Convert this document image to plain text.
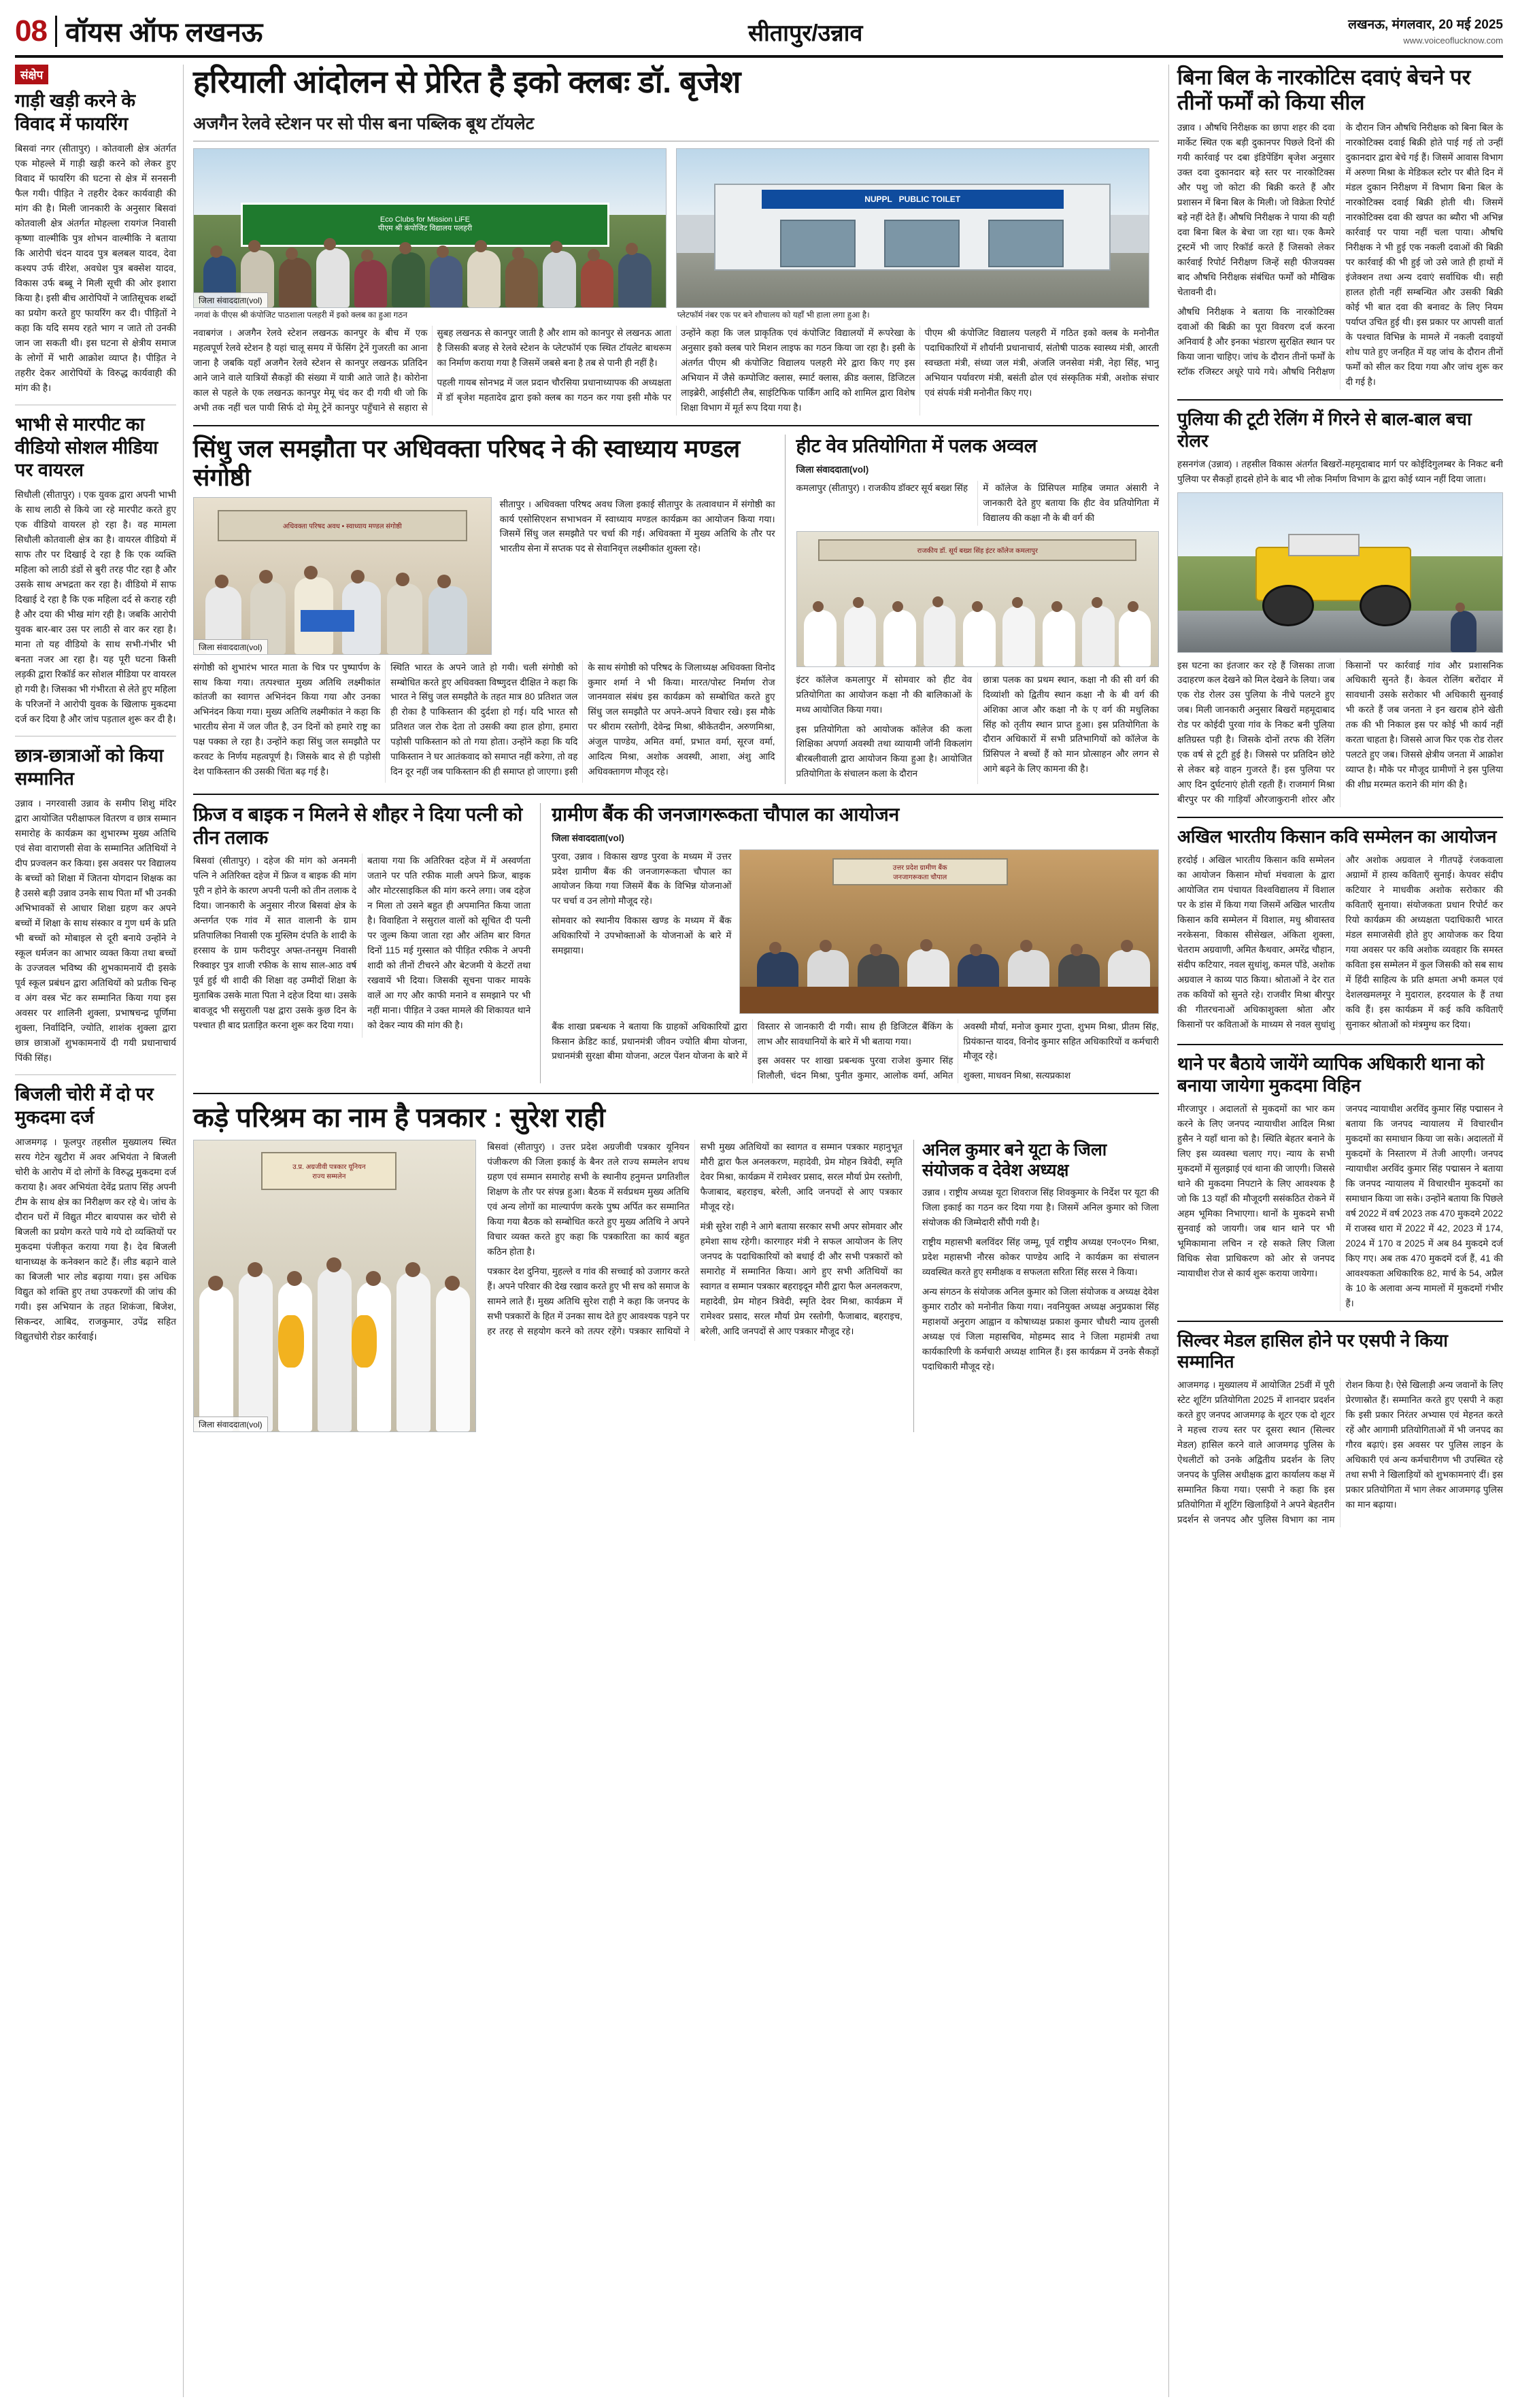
08 वॉयस ऑफ लखनऊ	सीतापुर/उन्नाव	लखनऊ, मंगलवार, 20 मई 2025
www.voiceoflucknow.com
संक्षेप
गाड़ी खड़ी करने के विवाद में फायरिंग
बिसवां नगर (सीतापुर) । कोतवाली क्षेत्र अंतर्गत एक मोहल्ले में गाड़ी खड़ी करने को लेकर हुए विवाद में फायरिंग की घटना से क्षेत्र में सनसनी फैल गयी। पीड़ित ने तहरीर देकर कार्यवाही की मांग की है। मिली जानकारी के अनुसार बिसवां कोतवाली क्षेत्र अंतर्गत मोहल्ला रायगंज निवासी कृष्णा वाल्मीकि पुत्र शोभन वाल्मीकि ने बताया कि आरोपी चंदन यादव पुत्र बलबल यादव, देवा कश्यप उर्फ वीरेश, अवधेश पुत्र बक्सेश यादव, विकास उर्फ बब्बू ने मिली सूची की ओर इशारा किया है। इसी बीच आरोपियों ने जातिसूचक शब्दों का प्रयोग करते हुए फायरिंग कर दी। पीड़ितों ने कहा कि यदि समय रहते भाग न जाते तो उनकी जान जा सकती थी। इस घटना से क्षेत्रीय समाज के लोगों में भारी आक्रोश व्याप्त है। पीड़ित ने तहरीर देकर आरोपियों के विरुद्ध कार्यवाही की मांग की है।
भाभी से मारपीट का वीडियो सोशल मीडिया पर वायरल
सिधौली (सीतापुर) । एक युवक द्वारा अपनी भाभी के साथ लाठी से किये जा रहे मारपीट करते हुए एक वीडियो वायरल हो रहा है। वह मामला सिधौली कोतवाली क्षेत्र का है। वायरल वीडियो में साफ तौर पर दिखाई दे रहा है कि एक व्यक्ति महिला को लाठी डंडों से बुरी तरह पीट रहा है और उसके साथ अभद्रता कर रहा है। वीडियो में साफ दिखाई दे रहा है कि एक महिला दर्द से कराह रही है और दया की भीख मांग रही है। जबकि आरोपी युवक बार-बार उस पर लाठी से वार कर रहा है। माना तो यह वीडियो के साथ सभी-गंभीर भी बनता नजर आ रहा है। यह पूरी घटना किसी लड़की द्वारा रिकॉर्ड कर सोशल मीडिया पर वायरल हो गयी है। जिसका भी गंभीरता से लेते हुए महिला के परिजनों ने आरोपी युवक के खिलाफ मुकदमा दर्ज कर दिया है और जांच पड़ताल शुरू कर दी है।
छात्र-छात्राओं को किया सम्मानित
उन्नाव । नगरवासी उन्नाव के समीप शिशु मंदिर द्वारा आयोजित परीक्षाफल वितरण व छात्र सम्मान समारोह के कार्यक्रम का शुभारम्भ मुख्य अतिथि एवं सेवा वाराणसी सेवा के सम्मानित अतिथियों ने दीप प्रज्वलन कर किया। इस अवसर पर विद्यालय के बच्चों को शिक्षा में जितना योगदान शिक्षक का है उससे बड़ी उन्नाव उनके साथ पिता माँ भी उनकी अभिभावकों से आधार शिक्षा ग्रहण कर अपने बच्चों में शिक्षा के साथ संस्कार व गुण धर्म के प्रति भी बच्चों को मोबाइल से दूरी बनाये उन्होंने ने स्कूल धर्मजन का आभार व्यक्त किया तथा बच्चों के उज्जवल भविष्य की शुभकामनायें दी इसके पूर्व स्कूल प्रबंधन द्वारा अतिथियों को प्रतीक चिन्ह व अंग वस्त्र भेंट कर सम्मानित किया गया इस अवसर पर शालिनी शुक्ला, प्रभाषचन्द्र पूर्णिमा शुक्ला, निर्वादिनि, ज्योति, शाशंक शुक्ला द्वारा छात्र छात्राओं शुभकामनायें दी गयी प्रधानाचार्य पिंकी सिंह।
बिजली चोरी में दो पर मुकदमा दर्ज
आजमगढ़ । फूलपुर तहसील मुख्यालय स्थित सरय गेटेन खुटौरा में अवर अभियंता ने बिजली चोरी के आरोप में दो लोगों के विरुद्ध मुकदमा दर्ज कराया है। अवर अभियंता देवेंद्र प्रताप सिंह अपनी टीम के साथ क्षेत्र का निरीक्षण कर रहे थे। जांच के दौरान घरों में विद्युत मीटर बायपास कर चोरी से बिजली का प्रयोग करते पाये गये दो व्यक्तियों पर मुकदमा पंजीकृत कराया गया है। देव बिजली थानाध्यक्ष के कनेक्शन काटे हैं। लीड बढ़ाने वाले का बिजली भार लोड बढ़ाया गया। इस अधिक विद्युत को शक्ति हुए तथा उपकरणों की जांच की गयी। इस अभियान के तहत शिकंजा, बिजेश, सिकन्दर, आबिद, राजकुमार, उपेंद्र सहित विद्युतचोरी रोडर कार्रवाई।
हरियाली आंदोलन से प्रेरित है इको क्लबः डॉ. बृजेश
अजगैन रेलवे स्टेशन पर सो पीस बना पब्लिक बूथ टॉयलेट
Eco Clubs for Mission LiFE
पीएम श्री कंपोजिट विद्यालय पलहरी
जिला संवाददाता(vol)
नगवां के पीएस श्री कंपोजिट पाठशाला पलहरी में इको क्लब का हुआ गठन
NUPPL   PUBLIC TOILET
प्लेटफॉर्म नंबर एक पर बने शौचालय को यहाँ भी हाला लगा हुआ है।

नवाबगंज । अजगैन रेलवे स्टेशन लखनऊ कानपुर के बीच में एक महत्वपूर्ण रेलवे स्टेशन है यहां चालू समय में फेंसिंग ट्रेनें गुजरती का आना जाना है जबकि यहाँ अजगैन रेलवे स्टेशन से कानपुर लखनऊ प्रतिदिन आने जाने वाले यात्रियों सैकड़ों की संख्या में यात्री आते जाते है। कोरोना काल से पहले के एक लखनऊ कानपुर मेमू चंद कर दी गयी थी जो कि अभी तक नहीं चल पायी सिर्फ दो मेमू ट्रेनें कानपुर पहुँचाने से सहारा से सुबह लखनऊ से कानपुर जाती है और शाम को कानपुर से लखनऊ आता है जिसकी बजह से रेलवे स्टेशन के प्लेटफॉर्म एक स्थित टॉयलेट बाथरूम का निर्माण कराया गया है जिसमें जबसे बना है तब से पानी ही नहीं है।

पहली गायब सोनभद्र में जल प्रदान चौरसिया प्रधानाध्यापक की अध्यक्षता में डॉ बृजेश महतादेव द्वारा इको क्लब का गठन कर गया इसी मौके पर उन्होंने कहा कि जल प्राकृतिक एवं कंपोजिट विद्यालयों में रूपरेखा के अनुसार इको क्लब पारे मिशन लाइफ का गठन किया जा रहा है। इसी के अंतर्गत पीएम श्री कंपोजिट विद्यालय पलहरी मेरे द्वारा किए गए इस अभियान में जैसे कम्पोजिट क्लास, स्मार्ट क्लास, क्रीड क्लास, डिजिटल लाइब्रेरी, आईसीटी लैब, साइंटिफिक पार्किंग आदि को शामिल द्वारा विशेष शिक्षा विभाग में मूर्त रूप दिया गया है।

पीएम श्री कंपोजिट विद्यालय पलहरी में गठित इको क्लब के मनोनीत पदाधिकारियों में शौर्यानी प्रधानाचार्य, संतोषी पाठक स्वास्थ्य मंत्री, आरती स्वच्छता मंत्री, संध्या जल मंत्री, अंजलि जनसेवा मंत्री, नेहा सिंह, भानु अभियान पर्यावरण मंत्री, बसंती ढोल एवं संस्कृतिक मंत्री, अशोक संचार एवं संपर्क मंत्री मनोनीत किए गए।

सिंधु जल समझौता पर अधिवक्ता परिषद ने की स्वाध्याय मण्डल संगोष्ठी
अधिवक्ता परिषद अवध • स्वाध्याय मण्डल संगोष्ठी
जिला संवाददाता(vol)

सीतापुर । अधिवक्ता परिषद अवध जिला इकाई सीतापुर के तत्वावधान में संगोष्ठी का कार्य एसोसिएशन सभाभवन में स्वाध्याय मण्डल कार्यक्रम का आयोजन किया गया। जिसमें सिंधु जल समझौते पर चर्चा की गई। अधिवक्ता में मुख्य अतिथि के तौर पर भारतीय सेना में सप्तक पद से सेवानिवृत्त लक्ष्मीकांत शुक्ला रहे।

संगोष्ठी को शुभारंभ भारत माता के चित्र पर पुष्पार्पण के साथ किया गया। तत्पश्चात मुख्य अतिथि लक्ष्मीकांत कांतजी का स्वागत्त अभिनंदन किया गया और उनका अभिनंदन किया गया। मुख्य अतिथि लक्ष्मीकांत ने कहा कि भारतीय सेना में जल जीत है, उन दिनों को हमारे राष्ट्र का पक्ष पक्का ले रहा है। उन्होंने कहा सिंधु जल समझौते पर करवट के निर्णय महत्वपूर्ण है। जिसके बाद से ही पड़ोसी देश पाकिस्तान की उसकी चिंता बढ़ गई है।

स्थिति भारत के अपने जाते हो गयी। चली संगोष्ठी को सम्बोधित करते हुए अधिवक्ता विष्णुदत्त दीक्षित ने कहा कि भारत ने सिंधु जल समझौते के तहत मात्र 80 प्रतिशत जल ही रोका है पाकिस्तान की दुर्दशा हो गई। यदि भारत सौ प्रतिशत जल रोक देता तो उसकी क्या हाल होगा, हमारा पड़ोसी पाकिस्तान को तो गया होता। उन्होंने कहा कि यदि पाकिस्तान ने घर आतंकवाद को समाप्त नहीं करेगा, तो वह दिन दूर नहीं जब पाकिस्तान की ही समाप्त हो जाएगा। इसी के साथ संगोष्ठी को परिषद के जिलाध्यक्ष अधिवक्ता विनोद कुमार शर्मा ने भी किया। मारत/पोस्ट निर्माण रोज जानमवाल संबंध इस कार्यक्रम को सम्बोधित करते हुए सिंधु जल समझौते पर अपने-अपने विचार रखे। इस मौके पर श्रीराम रस्तोगी, देवेन्द्र मिश्रा, श्रीकेतदीन, अरुणमिश्रा, अंजुल पाण्डेय, अमित वर्मा, प्रभात वर्मा, सूरज वर्मा, आदित्य मिश्रा, अशोक अवस्थी, आशा, अंशु आदि अधिवक्तागण मौजूद रहे।

हीट वेव प्रतियोगिता में पलक अव्वल
जिला संवाददाता(vol)

कमलापुर (सीतापुर) । राजकीय डॉक्टर सूर्य बख्श सिंह	में कॉलेज के प्रिंसिपल माहिब जमात अंसारी ने जानकारी देते हुए बताया कि हीट वेव प्रतियोगिता में विद्यालय की कक्षा नौ के बी वर्ग की

राजकीय डॉ. सूर्य बख्श सिंह इंटर कॉलेज कमलापुर

इंटर कॉलेज कमलापुर में सोमवार को हीट वेव प्रतियोगिता का आयोजन कक्षा नौ की बालिकाओं के मध्य आयोजित किया गया।

इस प्रतियोगिता को आयोजक कॉलेज की कला शिक्षिका अपर्णा अवस्थी तथा व्यायामी जॉनी विकलांग बीरबलीवाली द्वारा आयोजन किया हुआ है। आयोजित प्रतियोगिता के संचालन कला के दौरान

छात्रा पलक का प्रथम स्थान, कक्षा नौ की सी वर्ग की दिव्यांशी को द्वितीय स्थान कक्षा नौ के बी वर्ग की अंशिका आज और कक्षा नौ के ए वर्ग की मधुलिका सिंह को तृतीय स्थान प्राप्त हुआ। इस प्रतियोगिता के दौरान अधिकारों में सभी प्रतिभागियों को कॉलेज के प्रिंसिपल ने बच्चों हैं को मान प्रोत्साहन और लगन से आगे बढ़ने के लिए कामना की है।

फ्रिज व बाइक न मिलने से शौहर ने दिया पत्नी को तीन तलाक

बिसवां (सीतापुर) । दहेज की मांग को अनमनी पत्नि ने अतिरिक्त दहेज में फ्रिज व बाइक की मांग पूरी न होने के कारण अपनी पत्नी को तीन तलाक दे दिया। जानकारी के अनुसार नीरज बिसवां क्षेत्र के अन्तर्गत एक गांव में सात वालानी के ग्राम प्रतिपालिका निवासी एक मुस्लिम दंपति के शादी के हरसाय के ग्राम फरीदपुर अफ्त-तनसुम निवासी रिक्वाइर पुत्र शाजी रफीक के साथ साल-आठ वर्ष पूर्व हुई थी शादी की शिक्षा वह उम्मीदों शिक्षा के मुताबिक उसके माता पिता ने दहेज दिया था। उसके बावजूद भी ससुराली पक्ष द्वारा उसके कुछ दिन के पश्चात ही बाद प्रताड़ित करना शुरू कर दिया गया।

बताया गया कि अतिरिक्त दहेज में में अस्वर्णता जताने पर पति रफीक माली अपने फ्रिज, बाइक और मोटरसाइकिल की मांग करने लगा। जब दहेज न मिला तो उसने बहुत ही अपमानित किया जाता है। विवाहिता ने ससुराल वालों को सूचित दी पत्नी पर जुल्म किया जाता रहा और अंतिम बार विगत दिनों 115 मई गुस्सात को पीड़ित रफीक ने अपनी शादी को तीनों टीचरने और बेटजमी ये केटरों तथा रखवायें भी दिया। जिसकी सूचना पाकर मायके वालें आ गए और काफी मनाने व समझाने पर भी नहीं माना। पीड़ित ने उक्त मामले की शिकायत थाने को देकर न्याय की मांग की है।

ग्रामीण बैंक की जनजागरूकता चौपाल का आयोजन
जिला संवाददाता(vol)

पुरवा, उन्नाव । विकास खण्ड पुरवा के मध्यम में उत्तर प्रदेश ग्रामीण बैंक की जनजागरूकता चौपाल का आयोजन किया गया जिसमें बैंक के विभिन्न योजनाओं पर चर्चा व उन लोगो मौजूद रहे।

सोमवार को स्थानीय विकास खण्ड के मध्यम में बैंक अधिकारियों ने उपभोक्ताओं के योजनाओं के बारे में समझाया।

उत्तर प्रदेश ग्रामीण बैंक
जनजागरूकता चौपाल

बैंक शाखा प्रबन्धक ने बताया कि ग्राहकों अधिकारियों द्वारा किसान क्रेडिट कार्ड, प्रधानमंत्री जीवन ज्योति बीमा योजना, प्रधानमंत्री सुरक्षा बीमा योजना, अटल पेंशन योजना के बारे में विस्तार से जानकारी दी गयी। साथ ही डिजिटल बैंकिंग के लाभ और सावधानियों के बारे में भी बताया गया।

इस अवसर पर शाखा प्रबन्धक पुरवा राजेश कुमार सिंह शिलौली, चंदन मिश्रा, पुनीत कुमार, आलोक वर्मा, अमित अवस्थी मौर्या, मनोज कुमार गुप्ता, शुभम मिश्रा, प्रीतम सिंह, प्रियंकान्त यादव, विनोद कुमार सहित अधिकारियों व कर्मचारी मौजूद रहे।

शुक्ला, माधवन मिश्रा, सत्यप्रकाश

कड़े परिश्रम का नाम है पत्रकार : सुरेश राही
उ.प्र. अग्रजीवी पत्रकार यूनियन
राज्य सम्मलेन
जिला संवाददाता(vol)

बिसवां (सीतापुर) । उत्तर प्रदेश अग्रजीवी पत्रकार यूनियन पंजीकरण की जिला इकाई के बैनर तले राज्य सम्मलेन शपथ ग्रहण एवं सम्मान समारोह सभी के स्थानीय हनुमन्त प्रगतिशील शिक्षण के तौर पर संपन्न हुआ। बैठक में सर्वप्रथम मुख्य अतिथि एवं अन्य लोगों का माल्यार्पण करके पुष्प अर्पित कर सम्मानित किया गया बैठक को सम्बोधित करते हुए मुख्य अतिथि ने अपने विचार व्यक्त करते हुए कहा कि पत्रकारिता का कार्य बहुत कठिन होता है।

पत्रकार देश दुनिया, मुहल्ले व गांव की सच्चाई को उजागर करते हैं। अपने परिवार की देख रखाव करते हुए भी सच को समाज के सामने लाते हैं। मुख्य अतिथि सुरेश राही ने कहा कि जनपद के सभी पत्रकारों के हित में उनका साथ देते हुए आवश्यक पड़ने पर हर तरह से सहयोग करने को तत्पर रहेंगे। पत्रकार साथियों ने सभी मुख्य अतिथियों का स्वागत व सम्मान पत्रकार महानुभूत मौरी द्वारा फैल अनलकरण, महादेवी, प्रेम मोहन त्रिवेदी, स्मृति देवर मिश्रा, कार्यक्रम में रामेश्वर प्रसाद, सरल मौर्या प्रेम रस्तोगी, फैजाबाद, बहराइच, बरेली, आदि जनपदों से आए पत्रकार मौजूद रहे।

मंत्री सुरेश राही ने आगे बताया सरकार सभी अपर सोमवार और हमेशा साथ रहेगी। कारगाहर मंत्री ने सफल आयोजन के लिए जनपद के पदाधिकारियों को बधाई दी और सभी पत्रकारों को समारोह में सम्मानित किया। आगे हुए सभी अतिथियों का स्वागत व सम्मान पत्रकार बहराइदून मौरी द्वारा फैल अनलकरण, महादेवी, प्रेम मोहन त्रिवेदी, स्मृति देवर मिश्रा, कार्यक्रम में रामेश्वर प्रसाद, सरल मौर्या प्रेम रस्तोगी, फैजाबाद, बहराइच, बरेली, आदि जनपदों से आए पत्रकार मौजूद रहे।

अनिल कुमार बने यूटा के जिला संयोजक व देवेश अध्यक्ष

उन्नाव । राष्ट्रीय अध्यक्ष यूटा शिवराज सिंह शिवकुमार के निर्देश पर यूटा की जिला इकाई का गठन कर दिया गया है। जिसमें अनिल कुमार को जिला संयोजक की जिम्मेदारी सौंपी गयी है।

राष्ट्रीय महासभी बलविंदर सिंह जम्मू, पूर्व राष्ट्रीय अध्यक्ष एन०एन० मिश्रा, प्रदेश महासभी नौरस कोकर पाण्डेय आदि ने कार्यक्रम का संचालन व्यवस्थित करते हुए समीक्षक व सफलता सरिता सिंह सरस ने किया।

अन्य संगठन के संयोजक अनिल कुमार को जिला संयोजक व अध्यक्ष देवेश कुमार राठौर को मनोनीत किया गया। नवनियुक्त अध्यक्ष अनुप्रकाश सिंह महाशयों अनुराग आह्वान व कोषाध्यक्ष प्रकाश कुमार चौधरी न्याय तुलसी अध्यक्ष एवं जिला महासचिव, मोहम्मद साद ने जिला महामंत्री तथा कार्यकारिणी के कर्मचारी अध्यक्ष शामिल हैं। इस कार्यक्रम में उनके सैकड़ों पदाधिकारी मौजूद रहे।

बिना बिल के नारकोटिस दवाएं बेचने पर तीनों फर्मों को किया सील

उन्नाव । औषधि निरीक्षक का छापा शहर की दवा मार्केट स्थित एक बड़ी दुकानपर पिछले दिनों की गयी कार्रवाई पर दबा इंडिपेंडिंग बृजेश अनुसार उक्त दवा दुकानदार बड़े स्तर पर नारकोटिक्स और पशु जो कोटा की बिक्री करते हैं और प्रशासन में बिना बिल के मिली। जो विक्रेता रिपोर्ट बड़े नहीं देते हैं। औषधि निरीक्षक ने पाया की यही दवा बिना बिल के बेचा जा रहा था। एक कैमरे ट्रस्टमें भी जाए रिकॉर्ड करते हैं जिसको लेकर कार्रवाई रिपोर्ट निरीक्षण जिन्हें सही फीजयक्स बाद औषधि निरीक्षक संबंधित फर्मों को मौखिक चेतावनी दी।

औषधि निरीक्षक ने बताया कि नारकोटिक्स दवाओं की बिक्री का पूरा विवरण दर्ज करना अनिवार्य है और इनका भंडारण सुरक्षित स्थान पर किया जाना चाहिए। जांच के दौरान तीनों फर्मों के स्टॉक रजिस्टर अधूरे पाये गये। औषधि निरीक्षण के दौरान जिन औषधि निरीक्षक को बिना बिल के नारकोटिक्स दवाई बिक्री होते पाई गई तो उन्हीं दुकानदार द्वारा बेचे गई हैं। जिसमें आवास विभाग में अरुणा मिश्रा के मेडिकल स्टोर पर बीते दिन में मंडल दुकान निरीक्षण में विभाग बिना बिल के नारकोटिक्स दवाई बिक्री होती थी। जिसमें नारकोटिक्स दवा की खपत का ब्यौरा भी अभिन्न कार्रवाई पर पाया नहीं चला पाया। औषधि निरीक्षक ने भी हुई एक नकली दवाओं की बिक्री पर कार्रवाई की भी हुई जो उसे जाते ही हाथों में इंजेक्शन तथा अन्य दवाएं सर्वाधिक थी। सही हालत होती नहीं सम्बन्धित और उसकी बिक्री कोई भी बात दवा की बनावट के लिए नियम पर्याप्त उचित हुई थी। इस प्रकार पर आपसी वार्ता के पश्चात विभिन्न के मामले में नकली दवाइयों शोध पाते हुए जनहित में यह जांच के दौरान तीनों फर्मों को सील कर दिया गया और जांच शुरू कर दी गई है।

पुलिया की टूटी रेलिंग में गिरने से बाल-बाल बचा रोलर

हसनगंज (उन्नाव) । तहसील विकास अंतर्गत बिखरों-महमूदाबाद मार्ग पर कोईदिगुलम्बर के निकट बनी पुलिया पर सैकड़ों हादसे होने के बाद भी लोक निर्माण विभाग के द्वारा कोई ध्यान नहीं दिया जाता।

इस घटना का इंतजार कर रहे हैं जिसका ताजा उदाहरण कल देखने को मिल देखने के लिया। जब एक रोड रोलर उस पुलिया के नीचे पलटने हुए जब। मिली जानकारी अनुसार बिखरों महमूदाबाद रोड पर कोईदी पुरवा गांव के निकट बनी पुलिया क्षतिग्रस्त पड़ी है। जिसके दोनों तरफ की रेलिंग एक वर्ष से टूटी हुई है। जिससे पर प्रतिदिन छोटे से लेकर बड़े वाहन गुजरते हैं। इस पुलिया पर आए दिन दुर्घटनाएं होती रहती हैं। राजमार्ग मिश्रा बीरपुर पर की गाड़ियाँ औरजाकुरानी शोरर और किसानों पर कार्रवाई गांव और प्रशासनिक अधिकारी सुनते हैं। केवल रोलिंग बरोंदार में सावधानी उसके सरोकार भी अधिकारी सुनवाई भी करते हैं जब जनता ने इन खराब होने खेती तक की भी निकाल इस पर कोई भी कार्य नहीं करता चाहता है। जिससे आज फिर एक रोड रोलर पलटते हुए जब। जिससे क्षेत्रीय जनता में आक्रोश व्याप्त है। मौके पर मौजूद ग्रामीणों ने इस पुलिया की शीघ्र मरम्मत कराने की मांग की है।

अखिल भारतीय किसान कवि सम्मेलन का आयोजन

हरदोई । अखिल भारतीय किसान कवि सम्मेलन का आयोजन किसान मोर्चा मंचवाला के द्वारा आयोजित राम पंचायत विश्वविद्यालय में विशाल पर के डांस में किया गया जिसमें अखिल भारतीय किसान कवि सम्मेलन में विशाल, मधु श्रीवास्तव नरकेसना, विकास सीसेखल, अंकिता शुक्ला, चेतराम अग्रवाणी, अमित कैथवार, अमरेंद्र चौहान, संदीप कटियार, नवल सुधांशु, कमल पाँडे, अशोक अग्रवाल ने काव्य पाठ किया। श्रोताओं ने देर रात तक कवियों को सुनते रहे। राजवीर मिश्रा बीरपुर की गीतरचनाओं अधिकाशुक्ला श्रोता और किसानों पर कविताओं के माध्यम से नवल सुधांशु और अशोक अग्रवाल ने गीतपढ़ें रंजकवाला अग्रामों में हास्य कविताएँ सुनाई। केपवर संदीप कटियार ने माधवीक अशोक सरोकार की कविताएँ सुनाया। संयोजकता प्रधान रिपोर्ट कर रियो कार्यक्रम की अध्यक्षता पदाधिकारी भारत मंडल समाजसेवी होते हुए आयोजक कर दिया गया अवसर पर कवि अशोक व्यवहार कि समस्त कविता इस सम्मेलन में कुल जिसकी को सब साथ में हिंदी साहित्य के प्रति क्षमता अभी कमल एवं देशलखमलमूर ने मुदाराल, हरदयाल के हैं तथा कवि हैं। इस कार्यक्रम में कई कवि कविताएँ सुनाकर श्रोताओं को मंत्रमुग्ध कर दिया।

थाने पर बैठाये जायेंगे व्यापिक अधिकारी थाना को बनाया जायेगा मुकदमा विहिन

मीरजापुर । अदालतों से मुकदमों का भार कम करने के लिए जनपद न्यायाधीश आदिल मिश्रा हुसैन ने यहाँ थाना को है। स्थिति बेहतर बनाने के लिए इस व्यवस्था चलाए गए। न्याय के सभी मुकदमों में सुलझाई एवं थाना की जाएगी। जिससे थाने की मुकदमा निपटाने के लिए आवश्यक है जो कि 13 यहाँ की मौजूदगी ससंकठित रोकने में अहम भूमिका निभाएगा। थानों के मुकदमे सभी सुनवाई को जायगी। जब थान थाने पर भी भूमिकामाना लचिन न रहे सकते लिए जिला विधिक सेवा प्राधिकरण को ओर से जनपद न्यायाधीश रोज से कार्य शुरू कराया जायेगा।

जनपद न्यायाधीश अरविंद कुमार सिंह पद्मासन ने बताया कि जनपद न्यायालय में विचारधीन मुकदमों का समाधान किया जा सके। अदालतों में मुकदमों के निस्तारण में तेजी आएगी। जनपद न्यायाधीश अरविंद कुमार सिंह पद्मासन ने बताया कि जनपद न्यायालय में विचारधीन मुकदमों का समाधान किया जा सके। उन्होंने बताया कि पिछले वर्ष 2022 में वर्ष 2023 तक 470 मुकदमे 2022 में राजस्व धारा में 2022 में 42, 2023 में 174, 2024 में 170 व 2025 में अब 84 मुकदमे दर्ज किए गए। अब तक 470 मुकदमें दर्ज हैं, 41 की आवश्यकता अधिकारिक 82, मार्च के 54, अप्रैल के 10 के अलावा अन्य मामलों में मुकदमों गंभीर हैं।

सिल्वर मेडल हासिल होने पर एसपी ने किया सम्मानित

आजमगढ़ । मुख्यालय में आयोजित 25वीं में पूरी स्टेट शूटिंग प्रतियोगिता 2025 में शानदार प्रदर्शन करते हुए जनपद आजमगढ़ के शूटर एक दो शूटर ने महत्त्व राज्य स्तर पर दूसरा स्थान (सिल्वर मेडल) हासिल करने वाले आजमगढ़ पुलिस के ऐथलीटों को उनके अद्वितीय प्रदर्शन के लिए जनपद के पुलिस अधीक्षक द्वारा कार्यालय कक्ष में सम्मानित किया गया। एसपी ने कहा कि इस प्रतियोगिता में शूटिंग खिलाड़ियों ने अपने बेहतरीन प्रदर्शन से जनपद और पुलिस विभाग का नाम रोशन किया है। ऐसे खिलाड़ी अन्य जवानों के लिए प्रेरणास्रोत हैं। सम्मानित करते हुए एसपी ने कहा कि इसी प्रकार निरंतर अभ्यास एवं मेहनत करते रहें और आगामी प्रतियोगिताओं में भी जनपद का गौरव बढ़ाएं। इस अवसर पर पुलिस लाइन के अधिकारी एवं अन्य कर्मचारीगण भी उपस्थित रहे तथा सभी ने खिलाड़ियों को शुभकामनाएं दीं। इस प्रकार प्रतियोगिता में भाग लेकर आजमगढ़ पुलिस का मान बढ़ाया।
